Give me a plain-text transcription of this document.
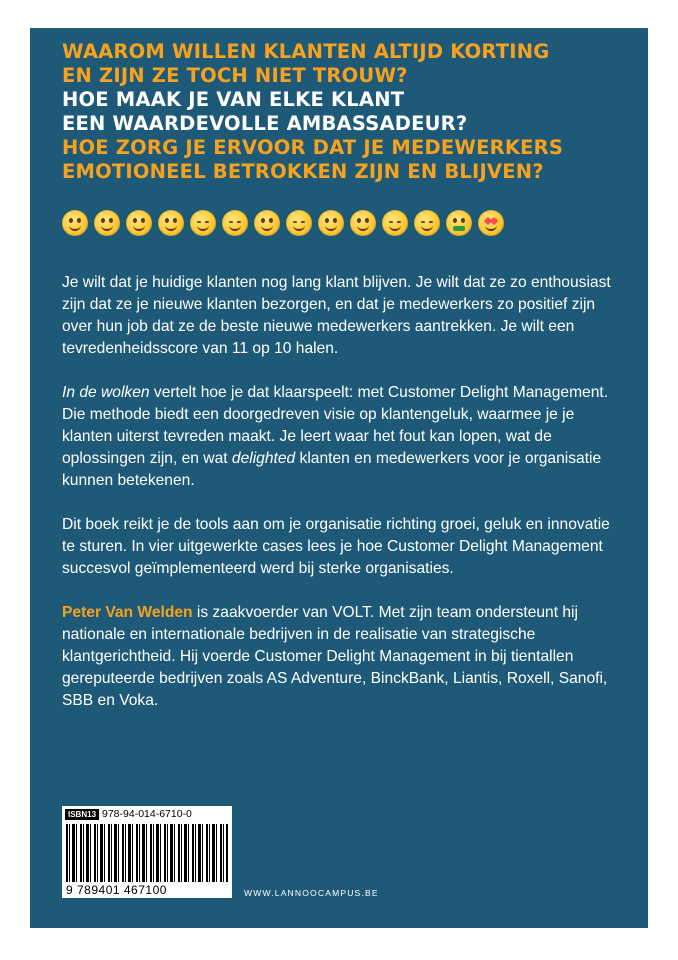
WAAROM WILLEN KLANTEN ALTIJD KORTING
EN ZIJN ZE TOCH NIET TROUW?
HOE MAAK JE VAN ELKE KLANT
EEN WAARDEVOLLE AMBASSADEUR?
HOE ZORG JE ERVOOR DAT JE MEDEWERKERS
EMOTIONEEL BETROKKEN ZIJN EN BLIJVEN?

Je wilt dat je huidige klanten nog lang klant blijven. Je wilt dat ze zo enthousiast zijn dat ze je nieuwe klanten bezorgen, en dat je medewerkers zo positief zijn over hun job dat ze de beste nieuwe medewerkers aantrekken. Je wilt een tevredenheidsscore van 11 op 10 halen.

In de wolken vertelt hoe je dat klaarspeelt: met Customer Delight Management. Die methode biedt een doorgedreven visie op klantengeluk, waarmee je je klanten uiterst tevreden maakt. Je leert waar het fout kan lopen, wat de oplossingen zijn, en wat delighted klanten en medewerkers voor je organisatie kunnen betekenen.

Dit boek reikt je de tools aan om je organisatie richting groei, geluk en innovatie te sturen. In vier uitgewerkte cases lees je hoe Customer Delight Management succesvol geïmplementeerd werd bij sterke organisaties.

Peter Van Welden is zaakvoerder van VOLT. Met zijn team ondersteunt hij nationale en internationale bedrijven in de realisatie van strategische klantgerichtheid. Hij voerde Customer Delight Management in bij tientallen gereputeerde bedrijven zoals AS Adventure, BinckBank, Liantis, Roxell, Sanofi, SBB en Voka.

ISBN13 978-94-014-6710-0
9 789401 467100	WWW.LANNOOCAMPUS.BE
